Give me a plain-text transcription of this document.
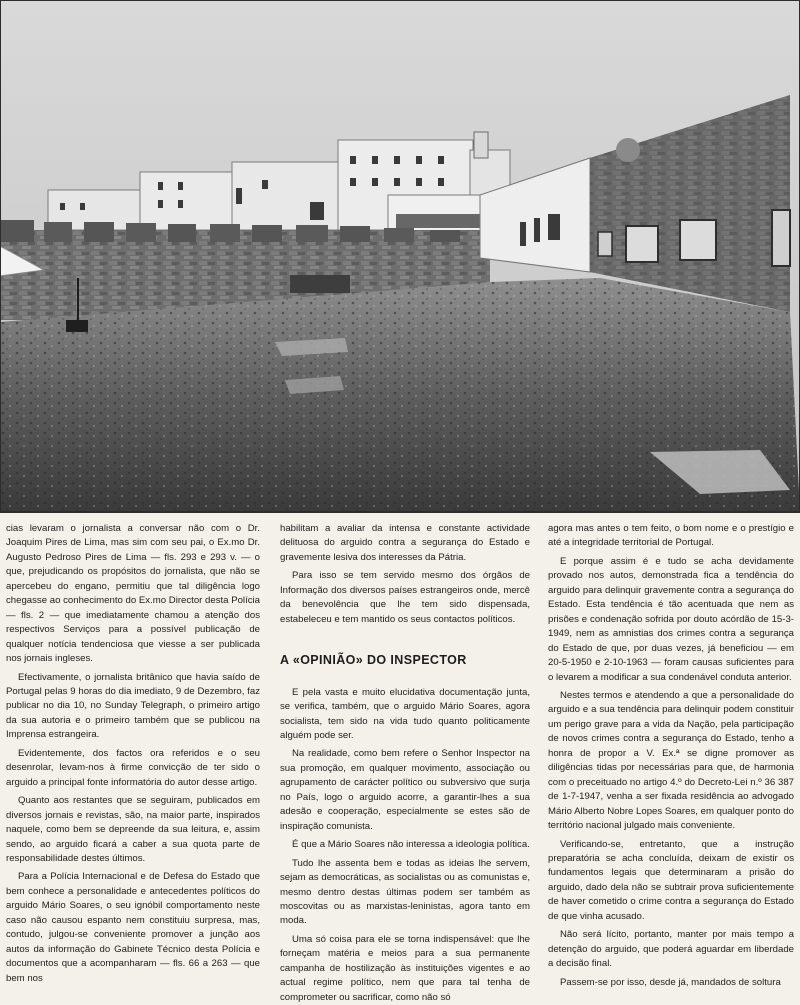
cias levaram o jornalista a conversar não com o Dr. Joaquim Pires de Lima, mas sim com seu pai, o Ex.mo Dr. Augusto Pedroso Pires de Lima — fls. 293 e 293 v. — o que, prejudicando os propósitos do jornalista, que não se apercebeu do engano, permitiu que tal diligência logo chegasse ao conhecimento do Ex.mo Director desta Polícia — fls. 2 — que imediatamente chamou a atenção dos respectivos Serviços para a possível publicação de qualquer notícia tendenciosa que viesse a ser publicada nos jornais ingleses.

Efectivamente, o jornalista britânico que havia saído de Portugal pelas 9 horas do dia imediato, 9 de Dezembro, faz publicar no dia 10, no Sunday Telegraph, o primeiro artigo da sua autoria e o primeiro também que se publicou na Imprensa estrangeira.

Evidentemente, dos factos ora referidos e o seu desenrolar, levam-nos à firme convicção de ter sido o arguido a principal fonte informatória do autor desse artigo.

Quanto aos restantes que se seguiram, publicados em diversos jornais e revistas, são, na maior parte, inspirados naquele, como bem se depreende da sua leitura, e, assim sendo, ao arguido ficará a caber a sua quota parte de responsabilidade destes últimos.

Para a Polícia Internacional e de Defesa do Estado que bem conhece a personalidade e antecedentes políticos do arguido Mário Soares, o seu ignóbil comportamento neste caso não causou espanto nem constituiu surpresa, mas, contudo, julgou-se conveniente promover a junção aos autos da informação do Gabinete Técnico desta Polícia e documentos que a acompanharam — fls. 66 a 263 — que bem nos

habilitam a avaliar da intensa e constante actividade delituosa do arguido contra a segurança do Estado e gravemente lesiva dos interesses da Pátria.

Para isso se tem servido mesmo dos órgãos de Informação dos diversos países estrangeiros onde, mercê da benevolência que lhe tem sido dispensada, estabeleceu e tem mantido os seus contactos políticos.

A «OPINIÃO» DO INSPECTOR

E pela vasta e muito elucidativa documentação junta, se verifica, também, que o arguido Mário Soares, agora socialista, tem sido na vida tudo quanto politicamente alguém pode ser.

Na realidade, como bem refere o Senhor Inspector na sua promoção, em qualquer movimento, associação ou agrupamento de carácter político ou subversivo que surja no País, logo o arguido acorre, a garantir-lhes a sua adesão e cooperação, especialmente se estes são de inspiração comunista.

É que a Mário Soares não interessa a ideologia política.

Tudo lhe assenta bem e todas as ideias lhe servem, sejam as democráticas, as socialistas ou as comunistas e, mesmo dentro destas últimas podem ser também as moscovitas ou as marxistas-leninistas, agora tanto em moda.

Uma só coisa para ele se torna indispensável: que lhe forneçam matéria e meios para a sua permanente campanha de hostilização às instituições vigentes e ao actual regime político, nem que para tal tenha de comprometer ou sacrificar, como não só

agora mas antes o tem feito, o bom nome e o prestígio e até a integridade territorial de Portugal.

E porque assim é e tudo se acha devidamente provado nos autos, demonstrada fica a tendência do arguido para delinquir gravemente contra a segurança do Estado. Esta tendência é tão acentuada que nem as prisões e condenação sofrida por douto acórdão de 15-3-1949, nem as amnistias dos crimes contra a segurança do Estado de que, por duas vezes, já beneficiou — em 20-5-1950 e 2-10-1963 — foram causas suficientes para o levarem a modificar a sua condenável conduta anterior.

Nestes termos e atendendo a que a personalidade do arguido e a sua tendência para delinquir podem constituir um perigo grave para a vida da Nação, pela participação de novos crimes contra a segurança do Estado, tenho a honra de propor a V. Ex.ª se digne promover as diligências tidas por necessárias para que, de harmonia com o preceituado no artigo 4.º do Decreto-Lei n.º 36 387 de 1-7-1947, venha a ser fixada residência ao advogado Mário Alberto Nobre Lopes Soares, em qualquer ponto do território nacional julgado mais conveniente.

Verificando-se, entretanto, que a instrução preparatória se acha concluída, deixam de existir os fundamentos legais que determinaram a prisão do arguido, dado dela não se subtrair prova suficientemente de haver cometido o crime contra a segurança do Estado de que vinha acusado.

Não será lícito, portanto, manter por mais tempo a detenção do arguido, que poderá aguardar em liberdade a decisão final.

Passem-se por isso, desde já, mandados de soltura
